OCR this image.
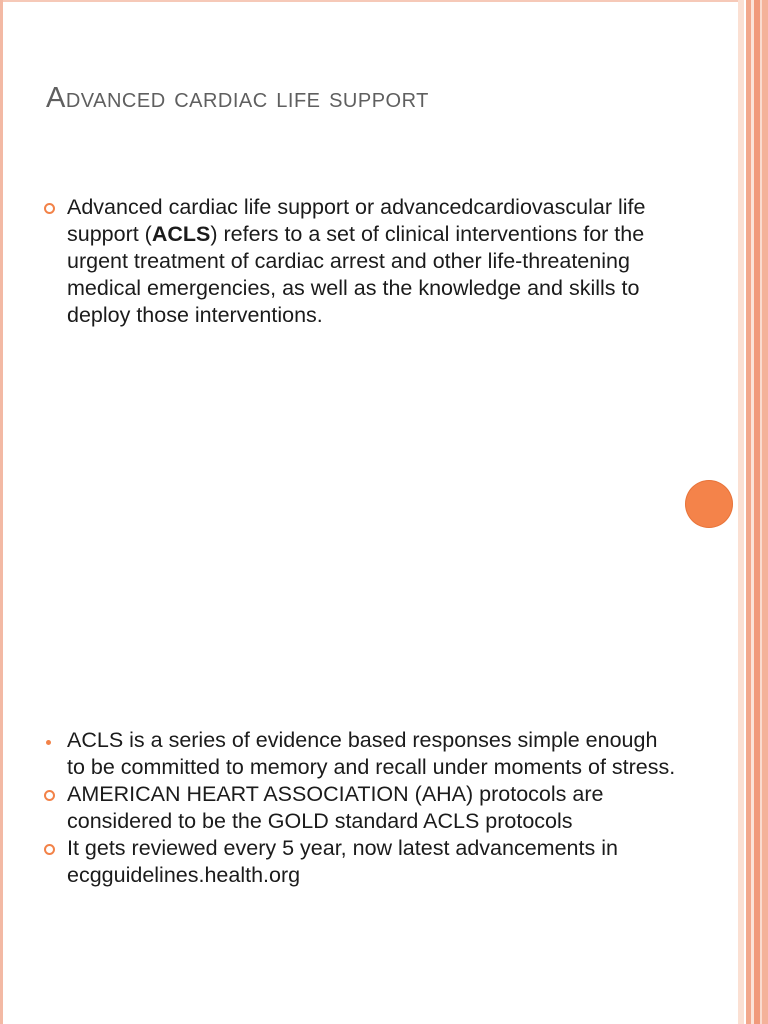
Advanced cardiac life support
Advanced cardiac life support or advancedcardiovascular life support (ACLS) refers to a set of clinical interventions for the urgent treatment of cardiac arrest and other life-threatening medical emergencies, as well as the knowledge and skills to deploy those interventions.
ACLS is a series of evidence based responses simple enough to be committed to memory and recall under moments of stress.
AMERICAN HEART ASSOCIATION (AHA) protocols are considered to be the GOLD standard ACLS protocols
It gets reviewed every 5 year, now latest advancements in ecgguidelines.health.org
